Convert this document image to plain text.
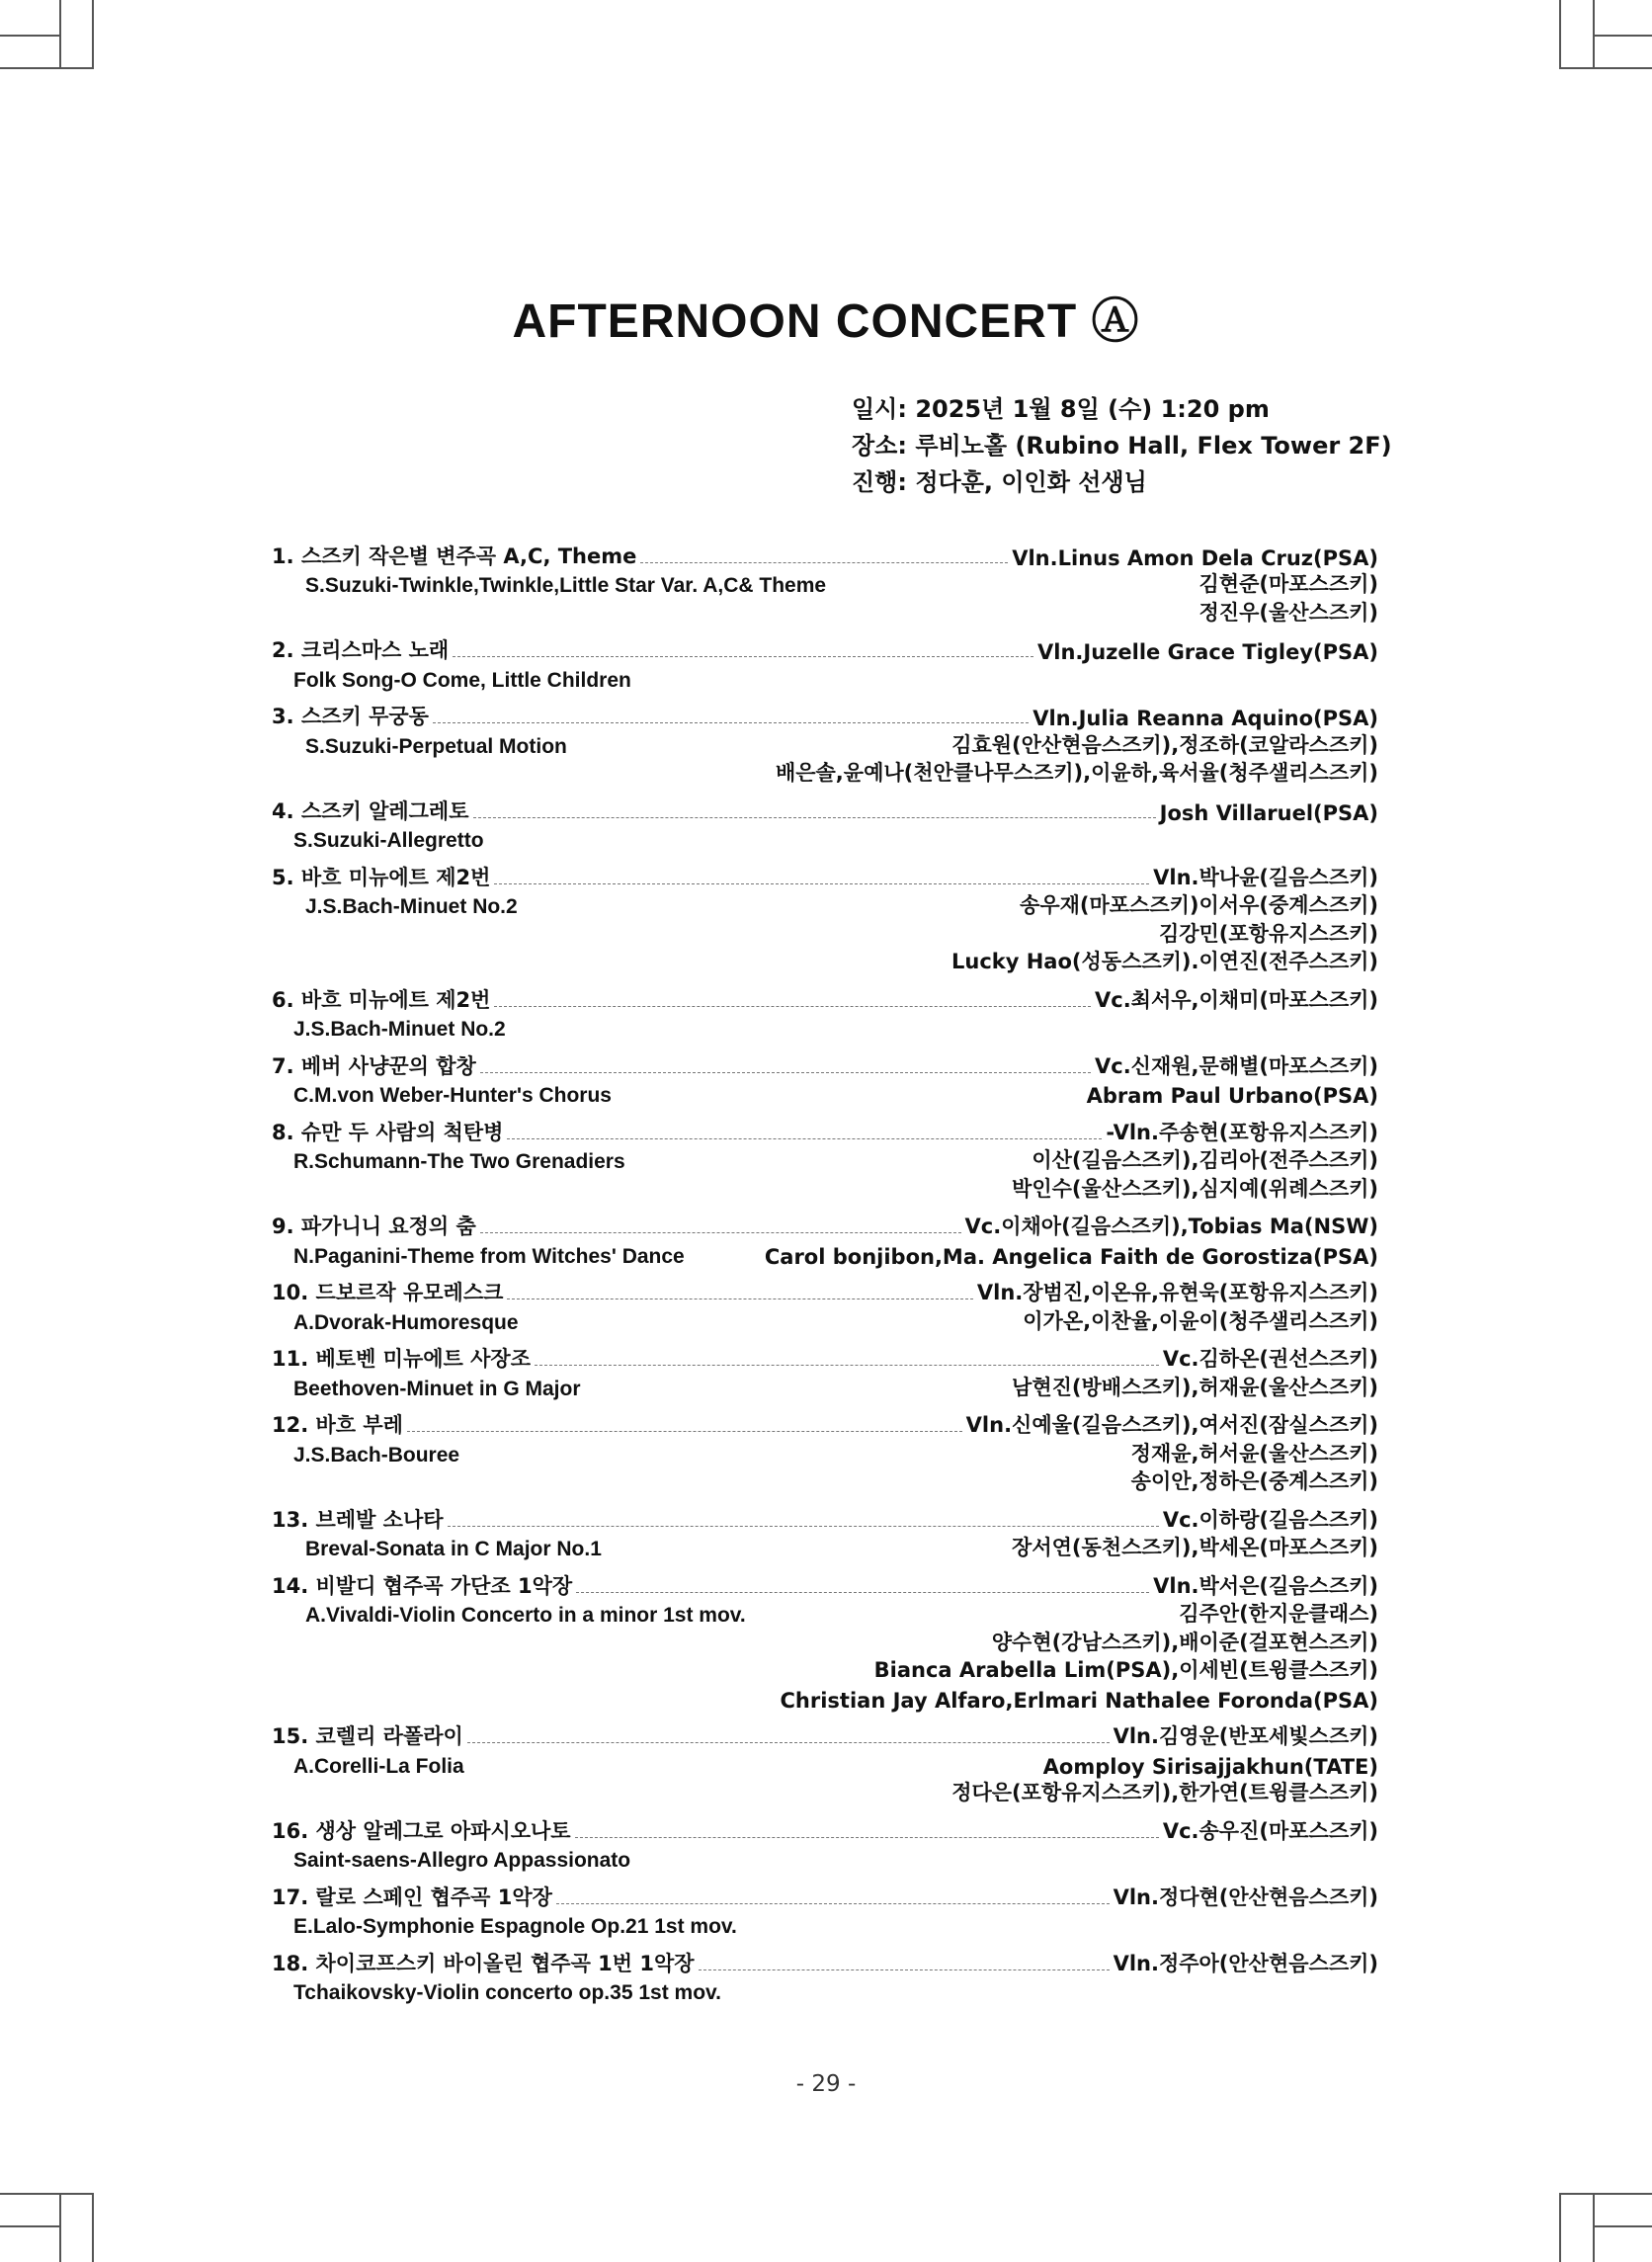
AFTERNOON CONCERT Ⓐ
일시: 2025년 1월 8일 (수) 1:20 pm
장소: 루비노홀 (Rubino Hall, Flex Tower 2F)
진행: 정다훈, 이인화 선생님
1. 스즈키 작은별 변주곡 A,C, Theme	Vln.Linus Amon Dela Cruz(PSA)
S.Suzuki-Twinkle,Twinkle,Little Star Var. A,C& Theme	김현준(마포스즈키)
정진우(울산스즈키)
2. 크리스마스 노래	Vln.Juzelle Grace Tigley(PSA)
Folk Song-O Come, Little Children
3. 스즈키 무궁동	Vln.Julia Reanna Aquino(PSA)
S.Suzuki-Perpetual Motion	김효원(안산현음스즈키),정조하(코알라스즈키)
배은솔,윤예나(천안클나무스즈키),이윤하,육서율(청주샐리스즈키)
4. 스즈키 알레그레토	Josh Villaruel(PSA)
S.Suzuki-Allegretto
5. 바흐 미뉴에트 제2번	Vln.박나윤(길음스즈키)
J.S.Bach-Minuet No.2	송우재(마포스즈키)이서우(중계스즈키)
김강민(포항유지스즈키)
Lucky Hao(성동스즈키).이연진(전주스즈키)
6. 바흐 미뉴에트 제2번	Vc.최서우,이채미(마포스즈키)
J.S.Bach-Minuet No.2
7. 베버 사냥꾼의 합창	Vc.신재원,문해별(마포스즈키)
C.M.von Weber-Hunter's Chorus	Abram Paul Urbano(PSA)
8. 슈만 두 사람의 척탄병	-Vln.주송현(포항유지스즈키)
R.Schumann-The Two Grenadiers	이산(길음스즈키),김리아(전주스즈키)
박인수(울산스즈키),심지예(위례스즈키)
9. 파가니니 요정의 춤	Vc.이채아(길음스즈키),Tobias Ma(NSW)
N.Paganini-Theme from Witches' Dance	Carol bonjibon,Ma. Angelica Faith de Gorostiza(PSA)
10. 드보르작 유모레스크	Vln.장범진,이온유,유현욱(포항유지스즈키)
A.Dvorak-Humoresque	이가온,이찬율,이윤이(청주샐리스즈키)
11. 베토벤 미뉴에트 사장조	Vc.김하온(권선스즈키)
Beethoven-Minuet in G Major	남현진(방배스즈키),허재윤(울산스즈키)
12. 바흐 부레	Vln.신예울(길음스즈키),여서진(잠실스즈키)
J.S.Bach-Bouree	정재윤,허서윤(울산스즈키)
송이안,정하은(중계스즈키)
13. 브레발 소나타	Vc.이하랑(길음스즈키)
Breval-Sonata in C Major No.1	장서연(동천스즈키),박세온(마포스즈키)
14. 비발디 협주곡 가단조 1악장	Vln.박서은(길음스즈키)
A.Vivaldi-Violin Concerto in a minor 1st mov.	김주안(한지운클래스)
양수현(강남스즈키),배이준(걸포현스즈키)
Bianca Arabella Lim(PSA),이세빈(트윙클스즈키)
Christian Jay Alfaro,Erlmari Nathalee Foronda(PSA)
15. 코렐리 라폴라이	Vln.김영운(반포세빛스즈키)
A.Corelli-La Folia	Aomploy Sirisajjakhun(TATE)
정다은(포항유지스즈키),한가연(트윙클스즈키)
16. 생상 알레그로 아파시오나토	Vc.송우진(마포스즈키)
Saint-saens-Allegro Appassionato
17. 랄로 스페인 협주곡 1악장	Vln.정다현(안산현음스즈키)
E.Lalo-Symphonie Espagnole Op.21 1st mov.
18. 차이코프스키 바이올린 협주곡 1번 1악장	Vln.정주아(안산현음스즈키)
Tchaikovsky-Violin concerto op.35 1st mov.
- 29 -
